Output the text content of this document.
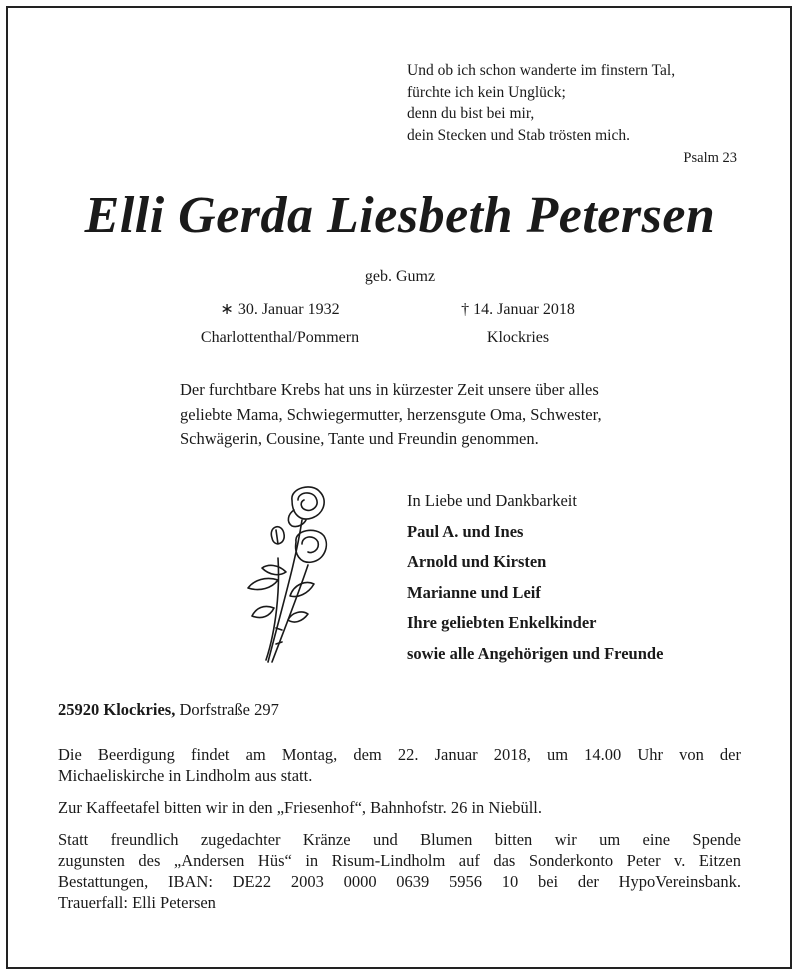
Und ob ich schon wanderte im finstern Tal,
fürchte ich kein Unglück;
denn du bist bei mir,
dein Stecken und Stab trösten mich.
Psalm 23
Elli Gerda Liesbeth Petersen
geb. Gumz
∗ 30. Januar 1932
Charlottenthal/Pommern
† 14. Januar 2018
Klockries
Der furchtbare Krebs hat uns in kürzester Zeit unsere über alles
geliebte Mama, Schwiegermutter, herzensgute Oma, Schwester,
Schwägerin, Cousine, Tante und Freundin genommen.
In Liebe und Dankbarkeit
Paul A. und Ines
Arnold und Kirsten
Marianne und Leif
Ihre geliebten Enkelkinder
sowie alle Angehörigen und Freunde
25920 Klockries, Dorfstraße 297
Die Beerdigung findet am Montag, dem 22. Januar 2018, um 14.00 Uhr von der
Michaeliskirche in Lindholm aus statt.
Zur Kaffeetafel bitten wir in den „Friesenhof“, Bahnhofstr. 26 in Niebüll.
Statt freundlich zugedachter Kränze und Blumen bitten wir um eine Spende
zugunsten des „Andersen Hüs“ in Risum-Lindholm auf das Sonderkonto Peter v. Eitzen
Bestattungen, IBAN: DE22 2003 0000 0639 5956 10 bei der HypoVereinsbank.
Trauerfall: Elli Petersen
